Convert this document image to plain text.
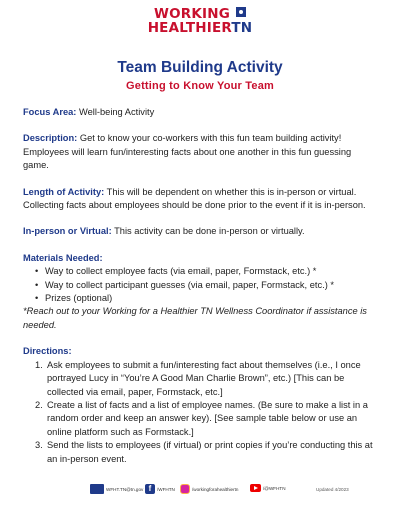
WORKING
HEALTHIERTN
Team Building Activity
Getting to Know Your Team

Focus Area: Well-being Activity

Description: Get to know your co-workers with this fun team building activity! Employees will learn fun/interesting facts about one another in this fun guessing game.

Length of Activity: This will be dependent on whether this is in-person or virtual. Collecting facts about employees should be done prior to the event if it is in-person.

In-person or Virtual: This activity can be done in-person or virtually.

Materials Needed:
• Way to collect employee facts (via email, paper, Formstack, etc.) *
• Way to collect participant guesses (via email, paper, Formstack, etc.) *
• Prizes (optional)
*Reach out to your Working for a Healthier TN Wellness Coordinator if assistance is needed.
Directions:
1. Ask employees to submit a fun/interesting fact about themselves (i.e., I once portrayed Lucy in “You’re A Good Man Charlie Brown”, etc.) [This can be collected via email, paper, Formstack, etc.]
2. Create a list of facts and a list of employee names. (Be sure to make a list in a random order and keep an answer key). [See sample table below or use an online platform such as Formstack.]
3. Send the lists to employees (if virtual) or print copies if you’re conducting this at an in-person event.
WFHT.TN@tn.gov f	/WFHTN	/workingforahealthiertn	/@WFHTN	Updated 4/2023
